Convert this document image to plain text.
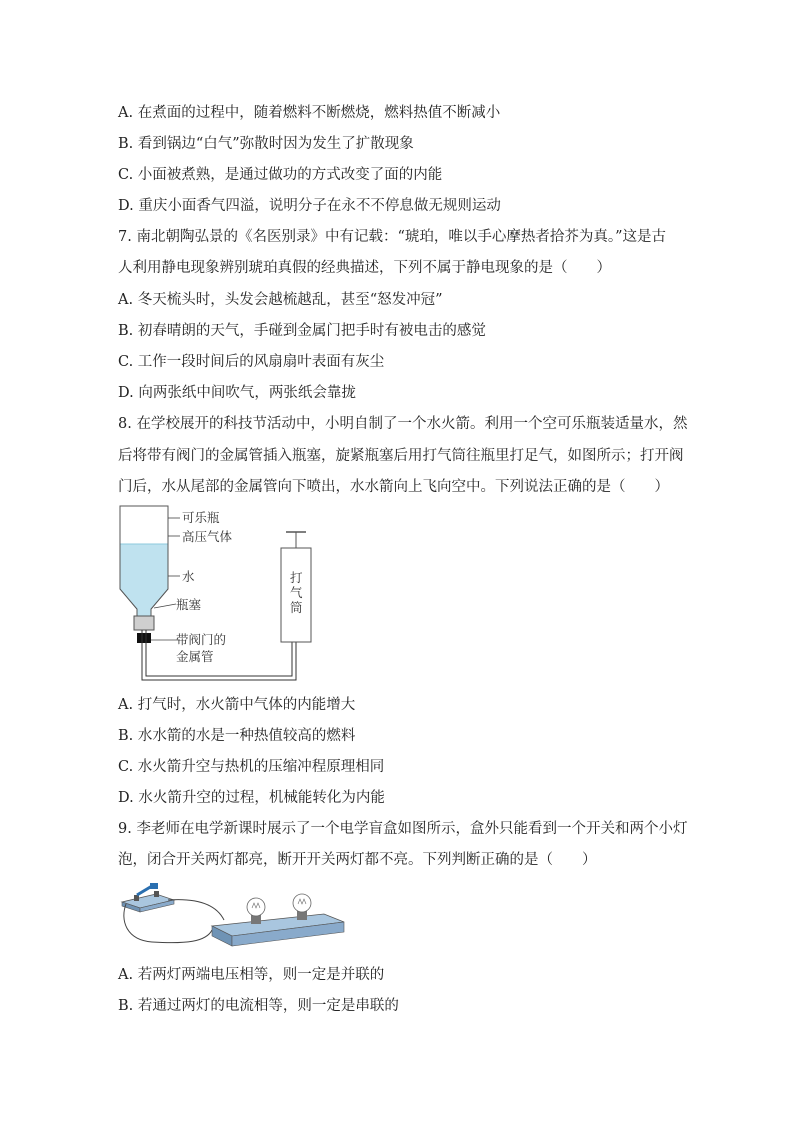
A. 在煮面的过程中，随着燃料不断燃烧，燃料热值不断减小
B. 看到锅边“白气”弥散时因为发生了扩散现象
C. 小面被煮熟，是通过做功的方式改变了面的内能
D. 重庆小面香气四溢，说明分子在永不不停息做无规则运动
7. 南北朝陶弘景的《名医别录》中有记载：“琥珀，唯以手心摩热者拾芥为真。”这是古
人利用静电现象辨别琥珀真假的经典描述，下列不属于静电现象的是（　　）
A. 冬天梳头时，头发会越梳越乱，甚至“怒发冲冠”
B. 初春晴朗的天气，手碰到金属门把手时有被电击的感觉
C. 工作一段时间后的风扇扇叶表面有灰尘
D. 向两张纸中间吹气，两张纸会靠拢
8. 在学校展开的科技节活动中，小明自制了一个水火箭。利用一个空可乐瓶装适量水，然
后将带有阀门的金属管插入瓶塞，旋紧瓶塞后用打气筒往瓶里打足气，如图所示；打开阀
门后，水从尾部的金属管向下喷出，水水箭向上飞向空中。下列说法正确的是（　　）
可乐瓶
高压气体
水
瓶塞
带阀门的
金属管
打
气
筒
A. 打气时，水火箭中气体的内能增大
B. 水水箭的水是一种热值较高的燃料
C. 水火箭升空与热机的压缩冲程原理相同
D. 水火箭升空的过程，机械能转化为内能
9. 李老师在电学新课时展示了一个电学盲盒如图所示，盒外只能看到一个开关和两个小灯
泡，闭合开关两灯都亮，断开开关两灯都不亮。下列判断正确的是（　　）
A. 若两灯两端电压相等，则一定是并联的
B. 若通过两灯的电流相等，则一定是串联的
